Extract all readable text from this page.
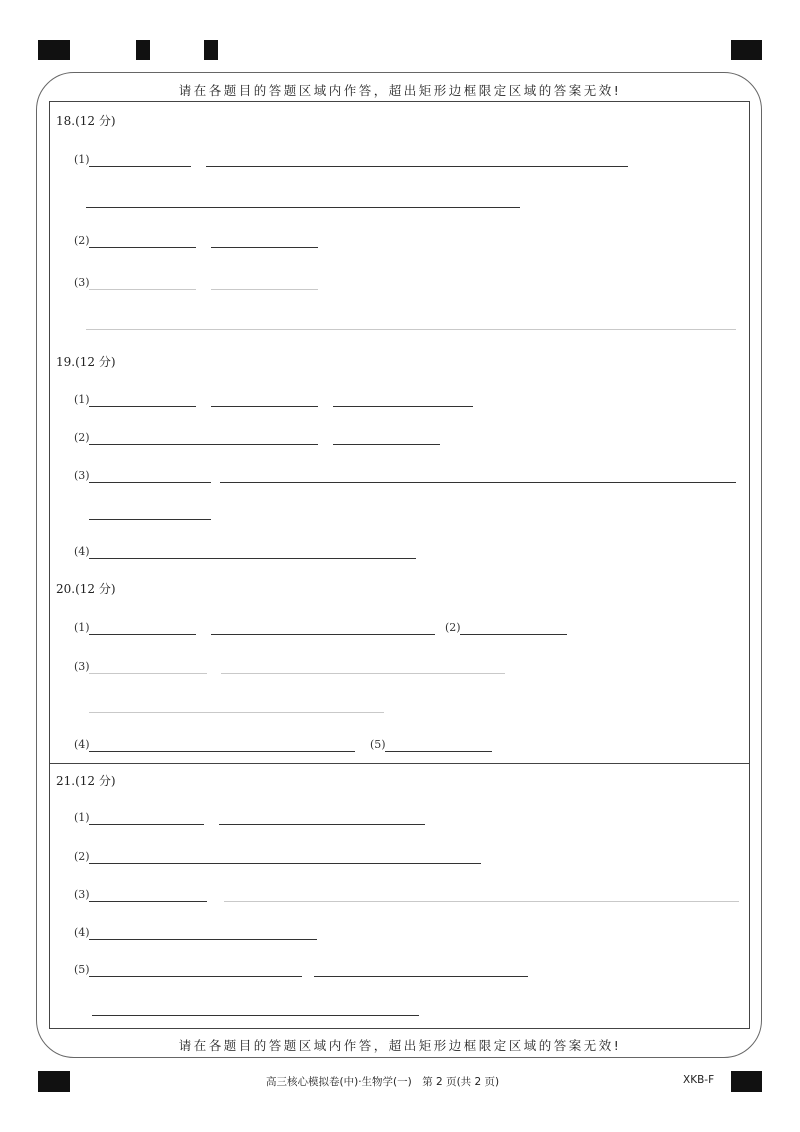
请在各题目的答题区域内作答，超出矩形边框限定区域的答案无效!
请在各题目的答题区域内作答，超出矩形边框限定区域的答案无效!
18.(12 分)
(1)
(2)
(3)
19.(12 分)
(1)
(2)
(3)
(4)
20.(12 分)
(1)	(2)
(3)
(4)	(5)
21.(12 分)
(1)
(2)
(3)
(4)
(5)
高三核心模拟卷(中)·生物学(一)　第 2 页(共 2 页)	XKB-F
